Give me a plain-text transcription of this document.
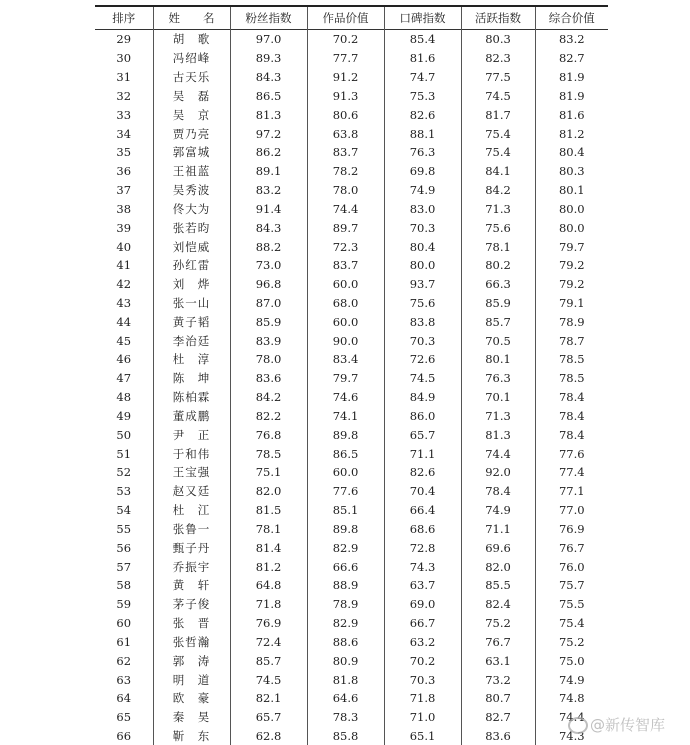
排序	姓　　名	粉丝指数	作品价值	口碑指数	活跃指数	综合价值
29	胡　歌	97.0	70.2	85.4	80.3	83.2
30	冯绍峰	89.3	77.7	81.6	82.3	82.7
31	古天乐	84.3	91.2	74.7	77.5	81.9
32	吴　磊	86.5	91.3	75.3	74.5	81.9
33	吴　京	81.3	80.6	82.6	81.7	81.6
34	贾乃亮	97.2	63.8	88.1	75.4	81.2
35	郭富城	86.2	83.7	76.3	75.4	80.4
36	王祖蓝	89.1	78.2	69.8	84.1	80.3
37	吴秀波	83.2	78.0	74.9	84.2	80.1
38	佟大为	91.4	74.4	83.0	71.3	80.0
39	张若昀	84.3	89.7	70.3	75.6	80.0
40	刘恺威	88.2	72.3	80.4	78.1	79.7
41	孙红雷	73.0	83.7	80.0	80.2	79.2
42	刘　烨	96.8	60.0	93.7	66.3	79.2
43	张一山	87.0	68.0	75.6	85.9	79.1
44	黄子韬	85.9	60.0	83.8	85.7	78.9
45	李治廷	83.9	90.0	70.3	70.5	78.7
46	杜　淳	78.0	83.4	72.6	80.1	78.5
47	陈　坤	83.6	79.7	74.5	76.3	78.5
48	陈柏霖	84.2	74.6	84.9	70.1	78.4
49	董成鹏	82.2	74.1	86.0	71.3	78.4
50	尹　正	76.8	89.8	65.7	81.3	78.4
51	于和伟	78.5	86.5	71.1	74.4	77.6
52	王宝强	75.1	60.0	82.6	92.0	77.4
53	赵又廷	82.0	77.6	70.4	78.4	77.1
54	杜　江	81.5	85.1	66.4	74.9	77.0
55	张鲁一	78.1	89.8	68.6	71.1	76.9
56	甄子丹	81.4	82.9	72.8	69.6	76.7
57	乔振宇	81.2	66.6	74.3	82.0	76.0
58	黄　轩	64.8	88.9	63.7	85.5	75.7
59	茅子俊	71.8	78.9	69.0	82.4	75.5
60	张　晋	76.9	82.9	66.7	75.2	75.4
61	张哲瀚	72.4	88.6	63.2	76.7	75.2
62	郭　涛	85.7	80.9	70.2	63.1	75.0
63	明　道	74.5	81.8	70.3	73.2	74.9
64	欧　豪	82.1	64.6	71.8	80.7	74.8
65	秦　昊	65.7	78.3	71.0	82.7	74.4
66	靳　东	62.8	85.8	65.1	83.6	74.3
@新传智库
